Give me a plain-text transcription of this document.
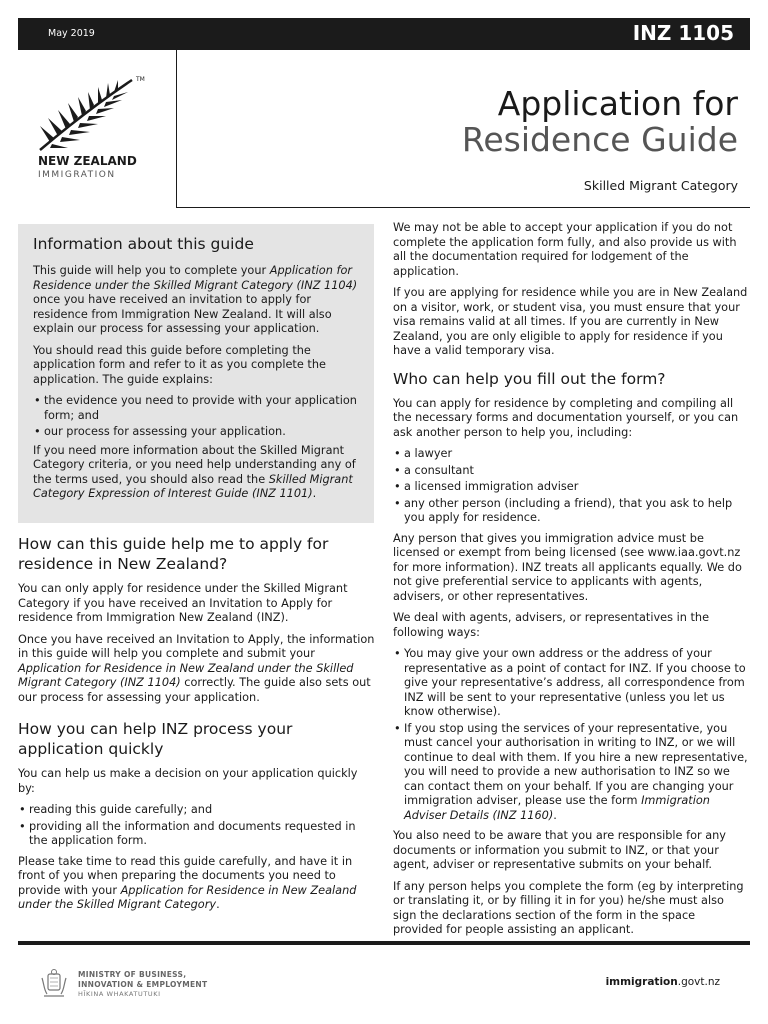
May 2019	INZ 1105
TM
NEW ZEALAND
IMMIGRATION
Application for
Residence Guide
Skilled Migrant Category
Information about this guide

This guide will help you to complete your Application for Residence under the Skilled Migrant Category (INZ 1104) once you have received an invitation to apply for residence from Immigration New Zealand. It will also explain our process for assessing your application.

You should read this guide before completing the application form and refer to it as you complete the application. The guide explains:

• the evidence you need to provide with your application form; and
• our process for assessing your application.

If you need more information about the Skilled Migrant Category criteria, or you need help understanding any of the terms used, you should also read the Skilled Migrant Category Expression of Interest Guide (INZ 1101).

How can this guide help me to apply for residence in New Zealand?

You can only apply for residence under the Skilled Migrant Category if you have received an Invitation to Apply for residence from Immigration New Zealand (INZ).

Once you have received an Invitation to Apply, the information in this guide will help you complete and submit your Application for Residence in New Zealand under the Skilled Migrant Category (INZ 1104) correctly. The guide also sets out our process for assessing your application.

How you can help INZ process your application quickly

You can help us make a decision on your application quickly by:

• reading this guide carefully; and
• providing all the information and documents requested in the application form.

Please take time to read this guide carefully, and have it in front of you when preparing the documents you need to provide with your Application for Residence in New Zealand under the Skilled Migrant Category.

We may not be able to accept your application if you do not complete the application form fully, and also provide us with all the documentation required for lodgement of the application.

If you are applying for residence while you are in New Zealand on a visitor, work, or student visa, you must ensure that your visa remains valid at all times. If you are currently in New Zealand, you are only eligible to apply for residence if you have a valid temporary visa.

Who can help you fill out the form?

You can apply for residence by completing and compiling all the necessary forms and documentation yourself, or you can ask another person to help you, including:

• a lawyer
• a consultant
• a licensed immigration adviser
• any other person (including a friend), that you ask to help you apply for residence.

Any person that gives you immigration advice must be licensed or exempt from being licensed (see www.iaa.govt.nz for more information). INZ treats all applicants equally. We do not give preferential service to applicants with agents, advisers, or other representatives.

We deal with agents, advisers, or representatives in the following ways:

• You may give your own address or the address of your representative as a point of contact for INZ. If you choose to give your representative’s address, all correspondence from INZ will be sent to your representative (unless you let us know otherwise).
• If you stop using the services of your representative, you must cancel your authorisation in writing to INZ, or we will continue to deal with them. If you hire a new representative, you will need to provide a new authorisation to INZ so we can contact them on your behalf. If you are changing your immigration adviser, please use the form Immigration Adviser Details (INZ 1160).

You also need to be aware that you are responsible for any documents or information you submit to INZ, or that your agent, adviser or representative submits on your behalf.

If any person helps you complete the form (eg by interpreting or translating it, or by filling it in for you) he/she must also sign the declarations section of the form in the space provided for people assisting an applicant.

MINISTRY OF BUSINESS,
INNOVATION & EMPLOYMENT
HĪKINA WHAKATUTUKI
immigration.govt.nz
